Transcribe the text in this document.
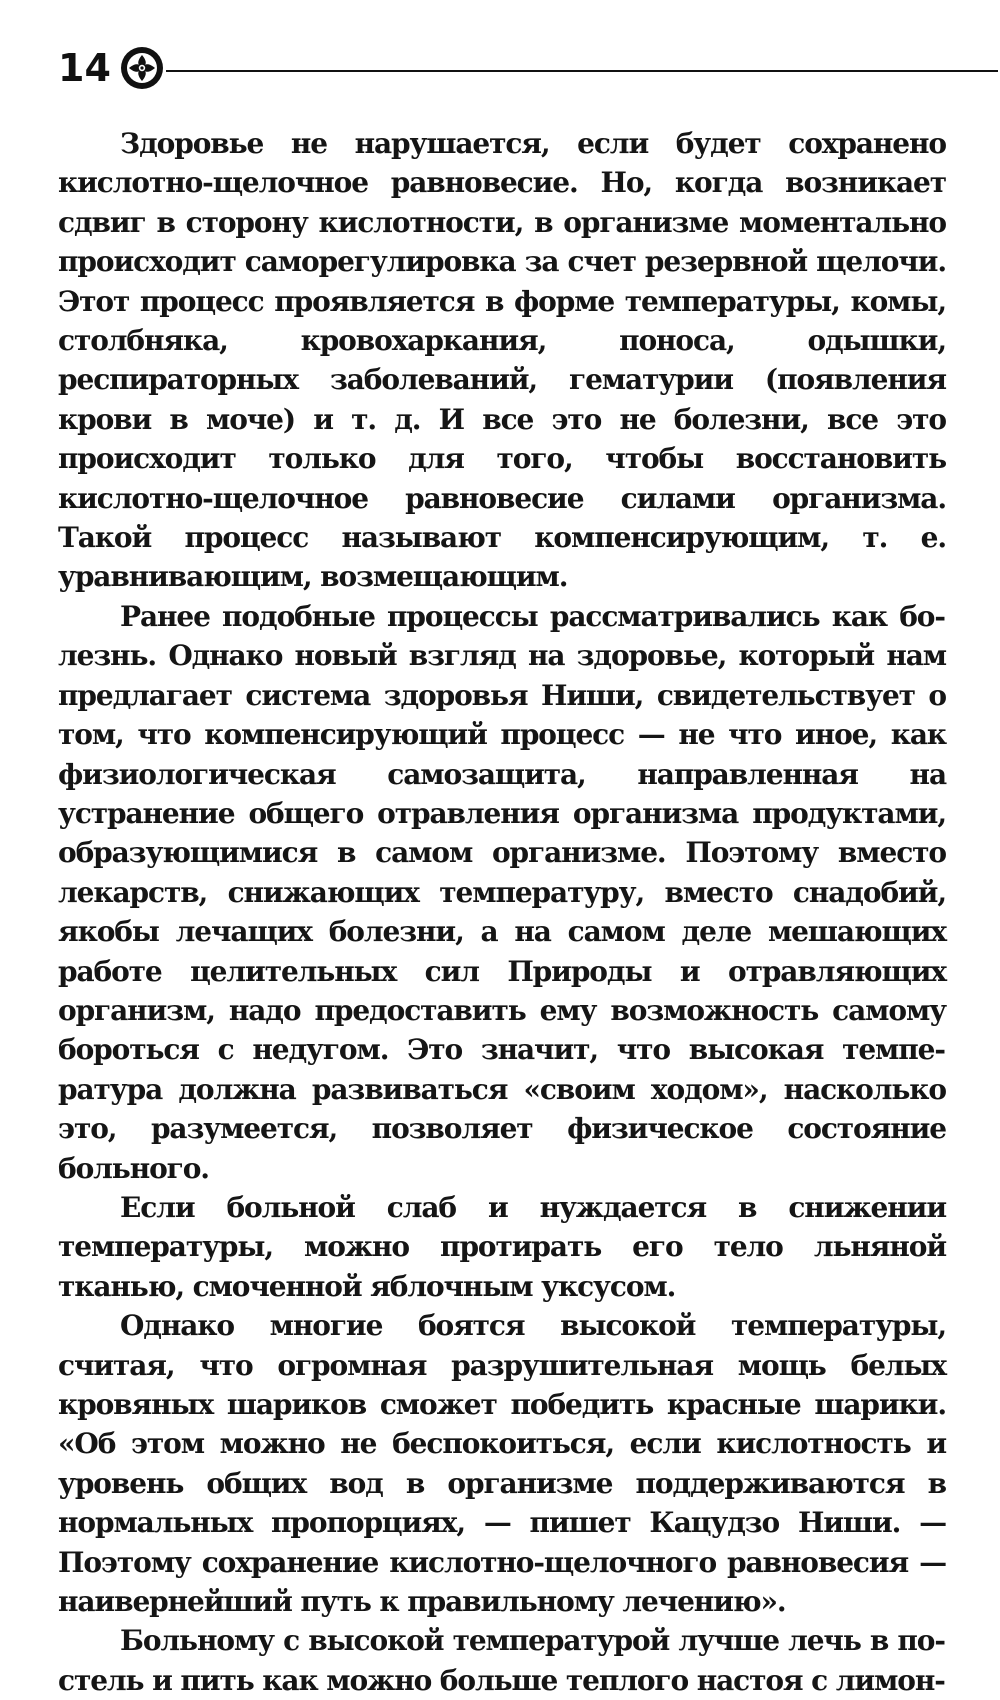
14

Здоровье не нарушается, если будет сохранено кислотно-щелочное равновесие. Но, когда возникает сдвиг в сторону кислотности, в организме моментально происходит саморегулировка за счет резервной щелочи. Этот процесс проявляется в форме температуры, комы, столбняка, кровохаркания, поноса, одышки, респираторных заболеваний, гематурии (появления крови в моче) и т. д. И все это не болезни, все это происходит только для того, чтобы восстановить кислотно-щелочное равновесие силами организма. Такой процесс называют компенсирующим, т. е. уравнивающим, возмещающим.

Ранее подобные процессы рассматривались как болезнь. Однако новый взгляд на здоровье, который нам предлагает система здоровья Ниши, свидетельствует о том, что компенсирующий процесс — не что иное, как физиологическая самозащита, направленная на устранение общего отравления организма продуктами, образующимися в самом организме. Поэтому вместо лекарств, снижающих температуру, вместо снадобий, якобы лечащих болезни, а на самом деле мешающих работе целительных сил Природы и отравляющих организм, надо предоставить ему возможность самому бороться с недугом. Это значит, что высокая температура должна развиваться «своим ходом», насколько это, разумеется, позволяет физическое состояние больного.

Если больной слаб и нуждается в снижении температуры, можно протирать его тело льняной тканью, смоченной яблочным уксусом.

Однако многие боятся высокой температуры, считая, что огромная разрушительная мощь белых кровяных шариков сможет победить красные шарики. «Об этом можно не беспокоиться, если кислотность и уровень общих вод в организме поддерживаются в нормальных пропорциях, — пишет Кацудзо Ниши. — Поэтому сохранение кислотно-щелочного равновесия — наивернейший путь к правильному лечению».

Больному с высокой температурой лучше лечь в постель и пить как можно больше теплого настоя с лимон-
